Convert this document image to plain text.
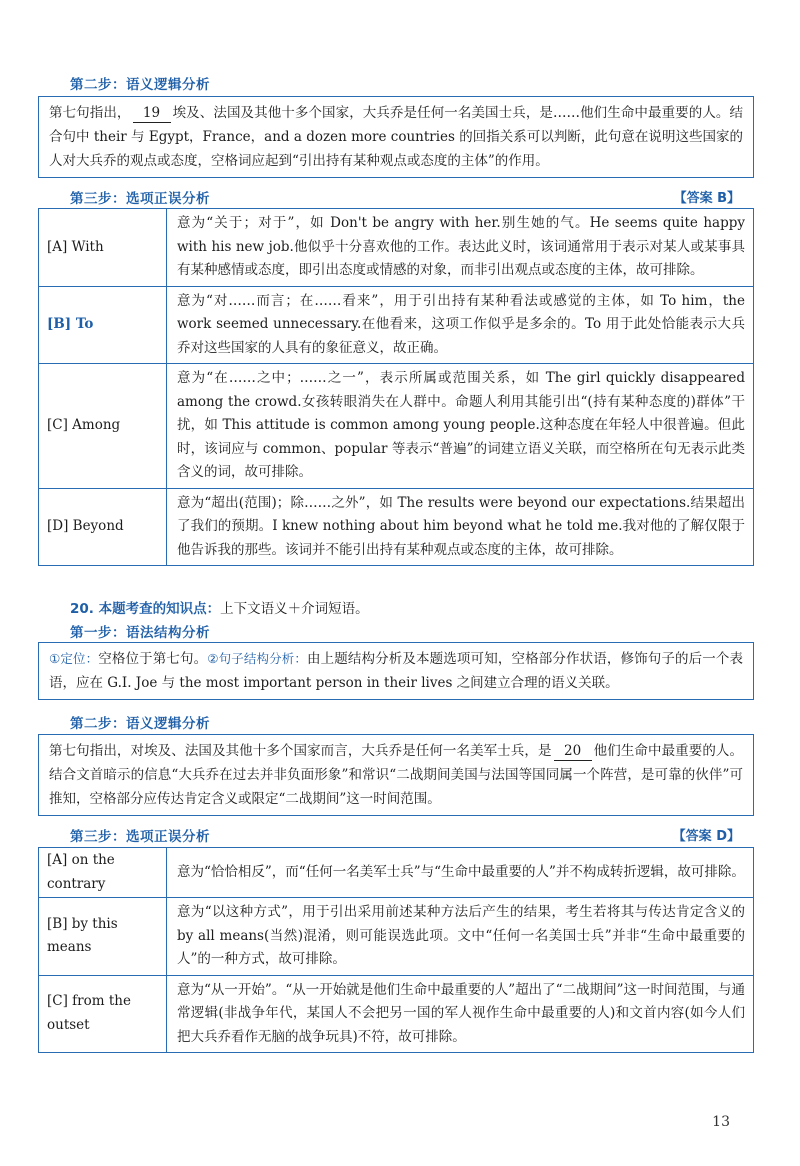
第二步：语义逻辑分析
第七句指出， 19 埃及、法国及其他十多个国家，大兵乔是任何一名美国士兵，是……他们生命中最重要的人。结合句中 their 与 Egypt，France，and a dozen more countries 的回指关系可以判断，此句意在说明这些国家的人对大兵乔的观点或态度，空格词应起到“引出持有某种观点或态度的主体”的作用。
第三步：选项正误分析	【答案 B】
[A] With	意为“关于；对于”，如 Don't be angry with her.别生她的气。He seems quite happy with his new job.他似乎十分喜欢他的工作。表达此义时，该词通常用于表示对某人或某事具有某种感情或态度，即引出态度或情感的对象，而非引出观点或态度的主体，故可排除。
[B] To	意为“对……而言；在……看来”，用于引出持有某种看法或感觉的主体，如 To him，the work seemed unnecessary.在他看来，这项工作似乎是多余的。To 用于此处恰能表示大兵乔对这些国家的人具有的象征意义，故正确。
[C] Among	意为“在……之中；……之一”，表示所属或范围关系，如 The girl quickly disappeared among the crowd.女孩转眼消失在人群中。命题人利用其能引出“(持有某种态度的)群体”干扰，如 This attitude is common among young people.这种态度在年轻人中很普遍。但此时，该词应与 common、popular 等表示“普遍”的词建立语义关联，而空格所在句无表示此类含义的词，故可排除。
[D] Beyond	意为“超出(范围)；除……之外”，如 The results were beyond our expectations.结果超出了我们的预期。I knew nothing about him beyond what he told me.我对他的了解仅限于他告诉我的那些。该词并不能引出持有某种观点或态度的主体，故可排除。
20. 本题考查的知识点：上下文语义＋介词短语。
第一步：语法结构分析
①定位：空格位于第七句。②句子结构分析：由上题结构分析及本题选项可知，空格部分作状语，修饰句子的后一个表语，应在 G.I. Joe 与 the most important person in their lives 之间建立合理的语义关联。
第二步：语义逻辑分析
第七句指出，对埃及、法国及其他十多个国家而言，大兵乔是任何一名美军士兵，是 20 他们生命中最重要的人。结合文首暗示的信息“大兵乔在过去并非负面形象”和常识“二战期间美国与法国等国同属一个阵营，是可靠的伙伴”可推知，空格部分应传达肯定含义或限定“二战期间”这一时间范围。
第三步：选项正误分析	【答案 D】
[A] on the contrary	意为“恰恰相反”，而“任何一名美军士兵”与“生命中最重要的人”并不构成转折逻辑，故可排除。
[B] by this means	意为“以这种方式”，用于引出采用前述某种方法后产生的结果，考生若将其与传达肯定含义的 by all means(当然)混淆，则可能误选此项。文中“任何一名美国士兵”并非“生命中最重要的人”的一种方式，故可排除。
[C] from the outset	意为“从一开始”。“从一开始就是他们生命中最重要的人”超出了“二战期间”这一时间范围，与通常逻辑(非战争年代，某国人不会把另一国的军人视作生命中最重要的人)和文首内容(如今人们把大兵乔看作无脑的战争玩具)不符，故可排除。
13
